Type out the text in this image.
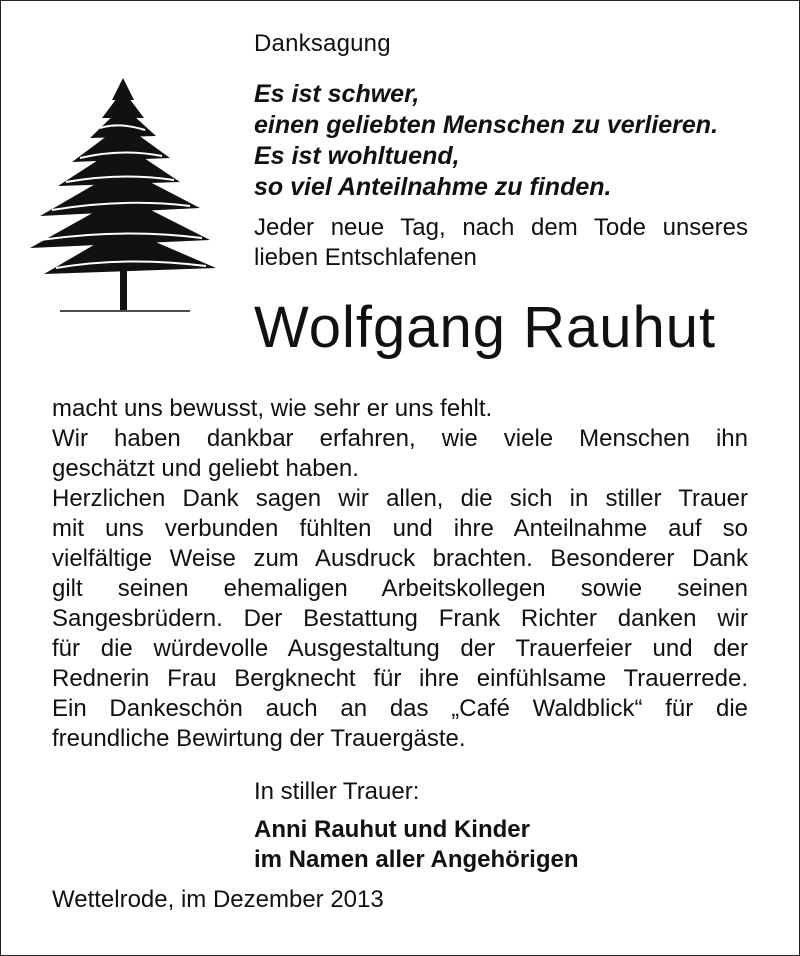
Danksagung
Es ist schwer,
einen geliebten Menschen zu verlieren.
Es ist wohltuend,
so viel Anteilnahme zu finden.
Jeder neue Tag, nach dem Tode unseres lieben Entschlafenen
Wolfgang Rauhut
macht uns bewusst, wie sehr er uns fehlt.
Wir haben dankbar erfahren, wie viele Menschen ihn
geschätzt und geliebt haben.
Herzlichen Dank sagen wir allen, die sich in stiller Trauer
mit uns verbunden fühlten und ihre Anteilnahme auf so
vielfältige Weise zum Ausdruck brachten. Besonderer Dank
gilt seinen ehemaligen Arbeitskollegen sowie seinen
Sangesbrüdern. Der Bestattung Frank Richter danken wir
für die würdevolle Ausgestaltung der Trauerfeier und der
Rednerin Frau Bergknecht für ihre einfühlsame Trauerrede.
Ein Dankeschön auch an das „Café Waldblick“ für die
freundliche Bewirtung der Trauergäste.
In stiller Trauer:
Anni Rauhut und Kinder
im Namen aller Angehörigen
Wettelrode, im Dezember 2013
